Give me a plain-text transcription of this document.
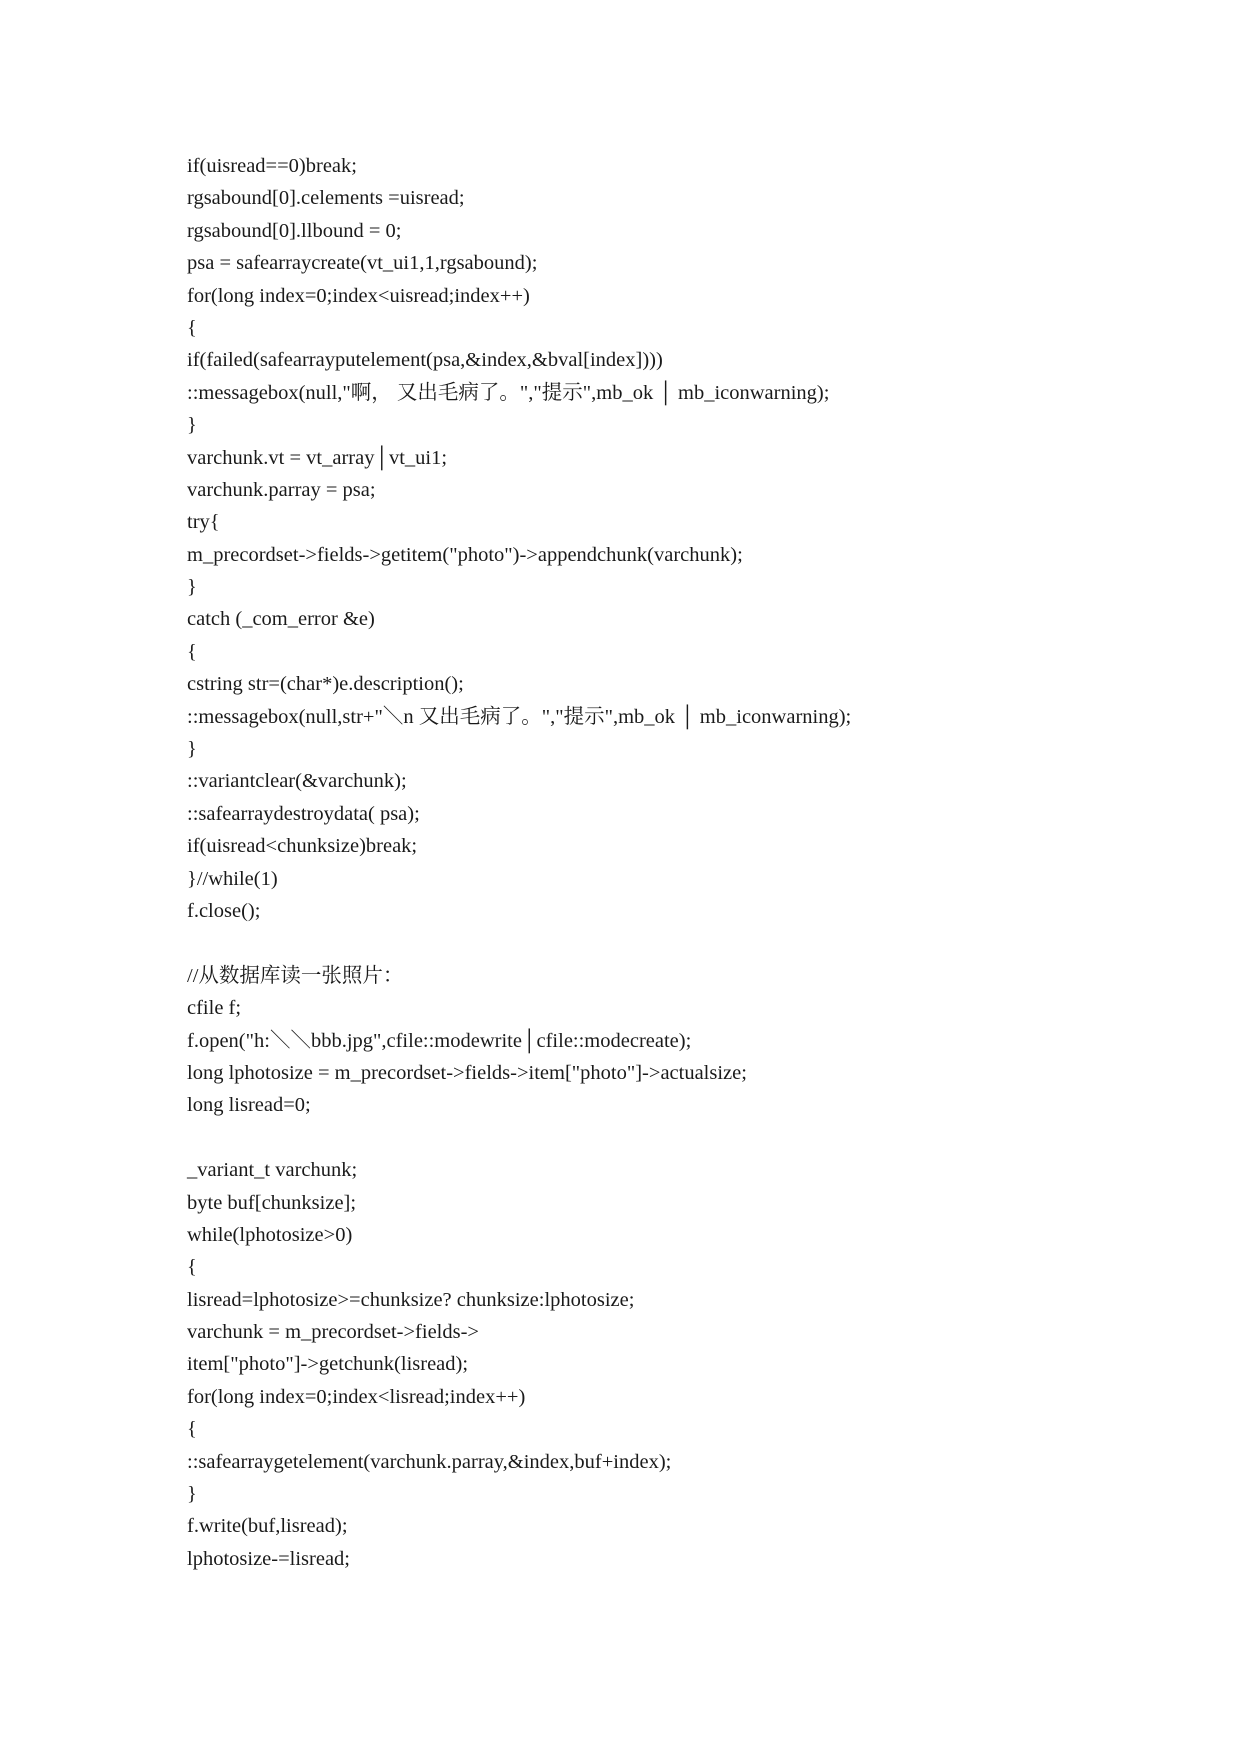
if(uisread==0)break;
rgsabound[0].celements =uisread;
rgsabound[0].llbound = 0;
psa = safearraycreate(vt_ui1,1,rgsabound);
for(long index=0;index<uisread;index++)
{
if(failed(safearrayputelement(psa,&index,&bval[index])))
::messagebox(null,"啊， 又出毛病了。","提示",mb_ok │ mb_iconwarning);
}
varchunk.vt = vt_array│vt_ui1;
varchunk.parray = psa;
try{
m_precordset->fields->getitem("photo")->appendchunk(varchunk);
}
catch (_com_error &e)
{
cstring str=(char*)e.description();
::messagebox(null,str+"＼n 又出毛病了。","提示",mb_ok │ mb_iconwarning);
}
::variantclear(&varchunk);
::safearraydestroydata( psa);
if(uisread<chunksize)break;
}//while(1)
f.close();
//从数据库读一张照片：
cfile f;
f.open("h:＼＼bbb.jpg",cfile::modewrite│cfile::modecreate);
long lphotosize = m_precordset->fields->item["photo"]->actualsize;
long lisread=0;
_variant_t varchunk;
byte buf[chunksize];
while(lphotosize>0)
{
lisread=lphotosize>=chunksize? chunksize:lphotosize;
varchunk = m_precordset->fields->
item["photo"]->getchunk(lisread);
for(long index=0;index<lisread;index++)
{
::safearraygetelement(varchunk.parray,&index,buf+index);
}
f.write(buf,lisread);
lphotosize-=lisread;
